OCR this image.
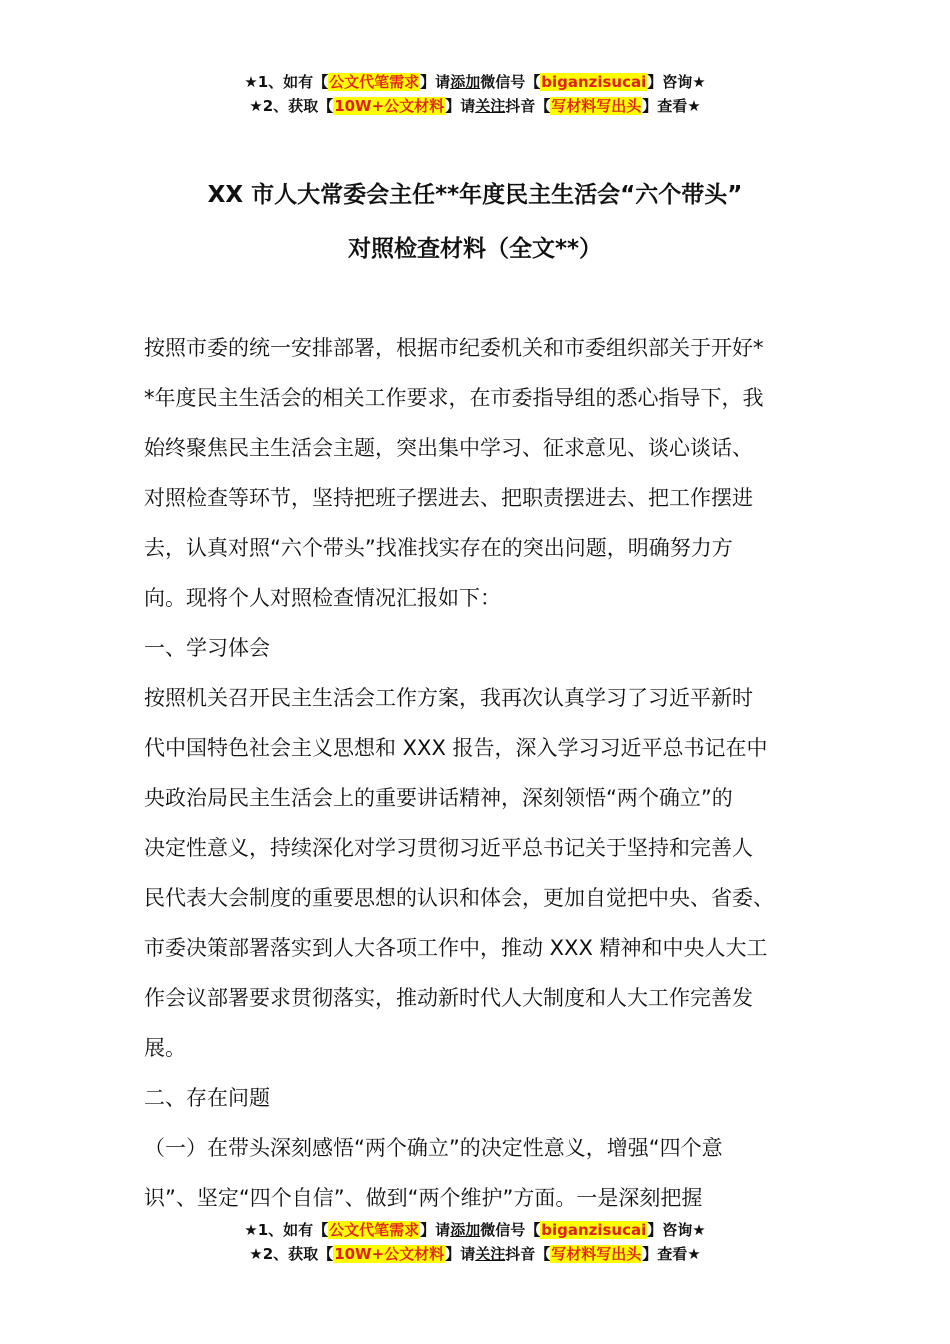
★1、如有【公文代笔需求】请添加微信号【biganzisucai】咨询★
★2、获取【10W+公文材料】请关注抖音【写材料写出头】查看★
XX 市人大常委会主任**年度民主生活会“六个带头”
对照检查材料（全文**）
按照市委的统一安排部署，根据市纪委机关和市委组织部关于开好*
*年度民主生活会的相关工作要求，在市委指导组的悉心指导下，我
始终聚焦民主生活会主题，突出集中学习、征求意见、谈心谈话、
对照检查等环节，坚持把班子摆进去、把职责摆进去、把工作摆进
去，认真对照“六个带头”找准找实存在的突出问题，明确努力方
向。现将个人对照检查情况汇报如下：
一、学习体会
按照机关召开民主生活会工作方案，我再次认真学习了习近平新时
代中国特色社会主义思想和 XXX 报告，深入学习习近平总书记在中
央政治局民主生活会上的重要讲话精神，深刻领悟“两个确立”的
决定性意义，持续深化对学习贯彻习近平总书记关于坚持和完善人
民代表大会制度的重要思想的认识和体会，更加自觉把中央、省委、
市委决策部署落实到人大各项工作中，推动 XXX 精神和中央人大工
作会议部署要求贯彻落实，推动新时代人大制度和人大工作完善发
展。
二、存在问题
（一）在带头深刻感悟“两个确立”的决定性意义，增强“四个意
识”、坚定“四个自信”、做到“两个维护”方面。一是深刻把握
★1、如有【公文代笔需求】请添加微信号【biganzisucai】咨询★
★2、获取【10W+公文材料】请关注抖音【写材料写出头】查看★
